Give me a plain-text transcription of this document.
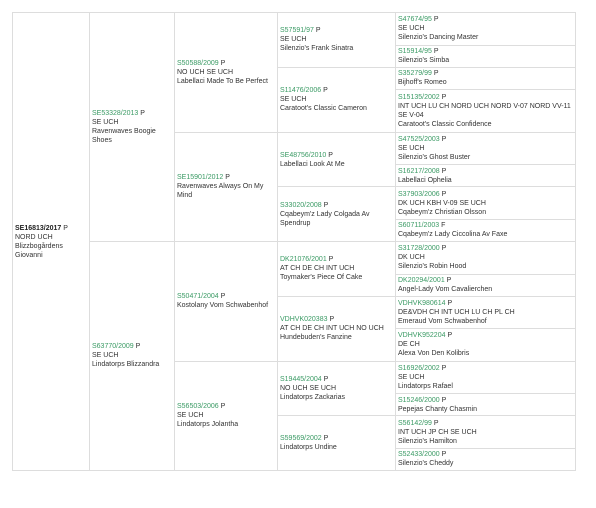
SE16813/2017 P
NORD UCH
Blizzbogårdens Giovanni	SE53328/2013 P
SE UCH
Ravenwaves Boogie Shoes	S50588/2009 P
NO UCH SE UCH
Labellaci Made To Be Perfect	S57591/97 P
SE UCH
Silenzio's Frank Sinatra	S47674/95 P
SE UCH
Silenzio's Dancing Master

				S15914/95 P
Silenzio's Simba

			S11476/2006 P
SE UCH
Caratoot's Classic Cameron	S35279/99 P
Bijhoff's Romeo

				S15135/2002 P
INT UCH LU CH NORD UCH NORD V-07 NORD VV-11 SE V-04
Caratoot's Classic Confidence

		SE15901/2012 P
Ravenwaves Always On My Mind	SE48756/2010 P
Labellaci Look At Me	S47525/2003 P
SE UCH
Silenzio's Ghost Buster

				S16217/2008 P
Labellaci Ophelia

			S33020/2008 P
Cqabeym'z Lady Colgada Av Spendrup	S37903/2006 P
DK UCH KBH V-09 SE UCH
Cqabeym'z Christian Olsson

				S60711/2003 F
Cqabeym'z Lady Ciccolina Av Faxe

	S63770/2009 P
SE UCH
Lindatorps Blizzandra	S50471/2004 P
Kostolany Vom Schwabenhof	DK21076/2001 P
AT CH DE CH INT UCH
Toymaker's Piece Of Cake	S31728/2000 P
DK UCH
Silenzio's Robin Hood

				DK20294/2001 P
Angel-Lady Vom Cavalierchen

			VDHVK020383 P
AT CH DE CH INT UCH NO UCH
Hundebuden's Fanzine	VDHVK980614 P
DE&VDH CH INT UCH LU CH PL CH
Emeraud Vom Schwabenhof

				VDHVK952204 P
DE CH
Alexa Von Den Kolibris

		S56503/2006 P
SE UCH
Lindatorps Jolantha	S19445/2004 P
NO UCH SE UCH
Lindatorps Zackarias	S16926/2002 P
SE UCH
Lindatorps Rafael

				S15246/2000 P
Pepejas Chanty Chasmin

			S59569/2002 P
Lindatorps Undine	S56142/99 P
INT UCH JP CH SE UCH
Silenzio's Hamilton

				S52433/2000 P
Silenzio's Cheddy
